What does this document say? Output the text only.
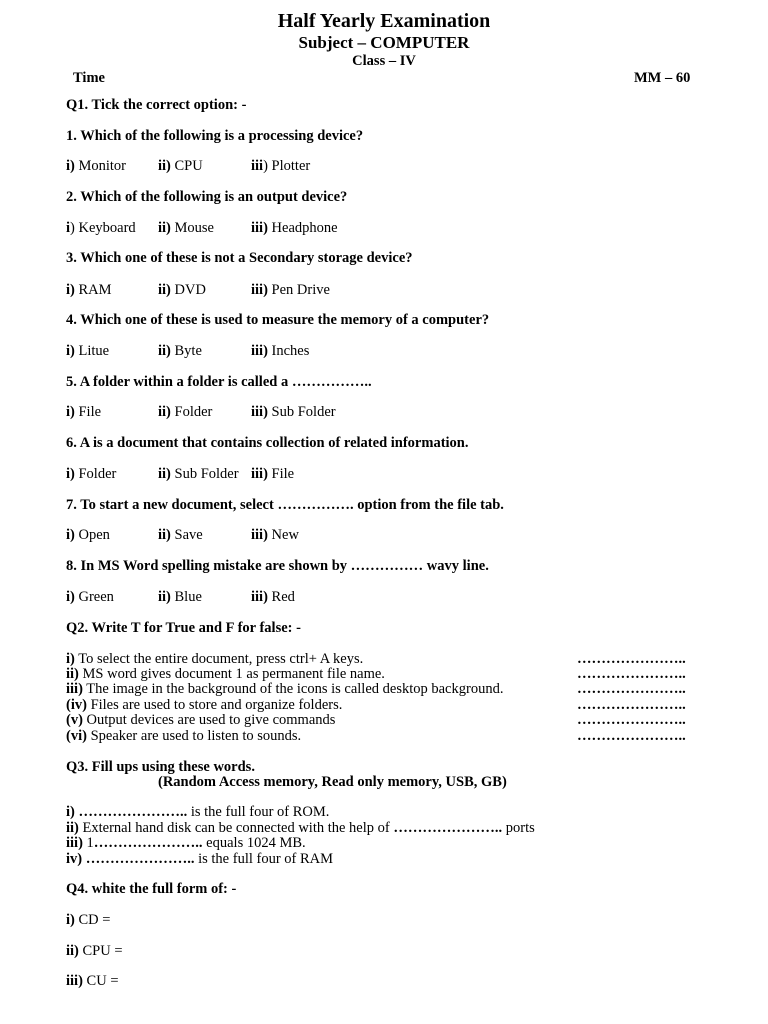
Half Yearly Examination
Subject – COMPUTER
Class – IV
Time	MM – 60
Q1. Tick the correct option: -
1. Which of the following is a processing device?
i) Monitor ii) CPU	iii) Plotter
2. Which of the following is an output device?
i) Keyboard ii) Mouse	iii) Headphone
3. Which one of these is not a Secondary storage device?
i) RAM	ii) DVD	iii) Pen Drive
4. Which one of these is used to measure the memory of a computer?
i) Litue	ii) Byte	iii) Inches
5. A folder within a folder is called a ……………..
i) File	ii) Folder	iii) Sub Folder
6. A is a document that contains collection of related information.
i) Folder	ii) Sub Folder iii) File
7. To start a new document, select ……………. option from the file tab.
i) Open	ii) Save	iii) New
8. In MS Word spelling mistake are shown by …………… wavy line.
i) Green	ii) Blue	iii) Red
Q2. Write T for True and F for false: -
i) To select the entire document, press ctrl+ A keys.	…………………..
ii) MS word gives document 1 as permanent file name.	…………………..
iii) The image in the background of the icons is called desktop background.	…………………..
(iv) Files are used to store and organize folders.	…………………..
(v) Output devices are used to give commands	…………………..
(vi) Speaker are used to listen to sounds.	…………………..
Q3. Fill ups using these words.
(Random Access memory, Read only memory, USB, GB)
i) ………………….. is the full four of ROM.
ii) External hand disk can be connected with the help of ………………….. ports
iii) 1………………….. equals 1024 MB.
iv) ………………….. is the full four of RAM
Q4. white the full form of: -
i) CD =
ii) CPU =
iii) CU =
